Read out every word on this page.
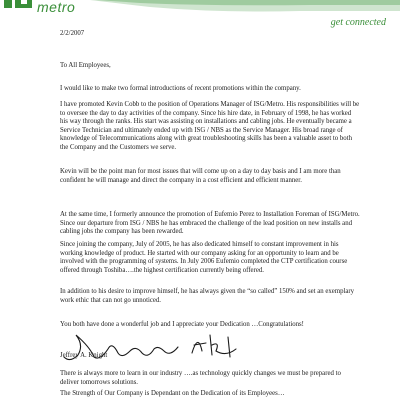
metro
get connected

2/2/2007

To All Employees,

I would like to make two formal introductions of recent promotions within the company.

I have promoted Kevin Cobb to the position of Operations Manager of ISG/Metro. His responsibilities will be to oversee the day to day activities of the company. Since his hire date, in February of 1998, he has worked his way through the ranks. His start was assisting on installations and cabling jobs. He eventually became a Service Technician and ultimately ended up with ISG / NBS as the Service Manager. His broad range of knowledge of Telecommunications along with great troubleshooting skills has been a valuable asset to both the Company and the Customers we serve.

Kevin will be the point man for most issues that will come up on a day to day basis and I am more than confident he will manage and direct the company in a cost efficient and efficient manner.

At the same time, I formerly announce the promotion of Eufemio Perez to Installation Foreman of ISG/Metro. Since our departure from ISG / NBS he has embraced the challenge of the lead position on new installs and cabling jobs the company has been rewarded.

Since joining the company, July of 2005, he has also dedicated himself to constant improvement in his working knowledge of product. He started with our company asking for an opportunity to learn and be involved with the programming of systems. In July 2006 Eufemio completed the CTP certification course offered through Toshiba….the highest certification currently being offered.

In addition to his desire to improve himself, he has always given the “so called” 150% and set an exemplary work ethic that can not go unnoticed.

You both have done a wonderful job and I appreciate your Dedication …Congratulations!

Jeffrey A. Knight

There is always more to learn in our industry ….as technology quickly changes we must be prepared to deliver tomorrows solutions.

The Strength of Our Company is Dependant on the Dedication of its Employees…
